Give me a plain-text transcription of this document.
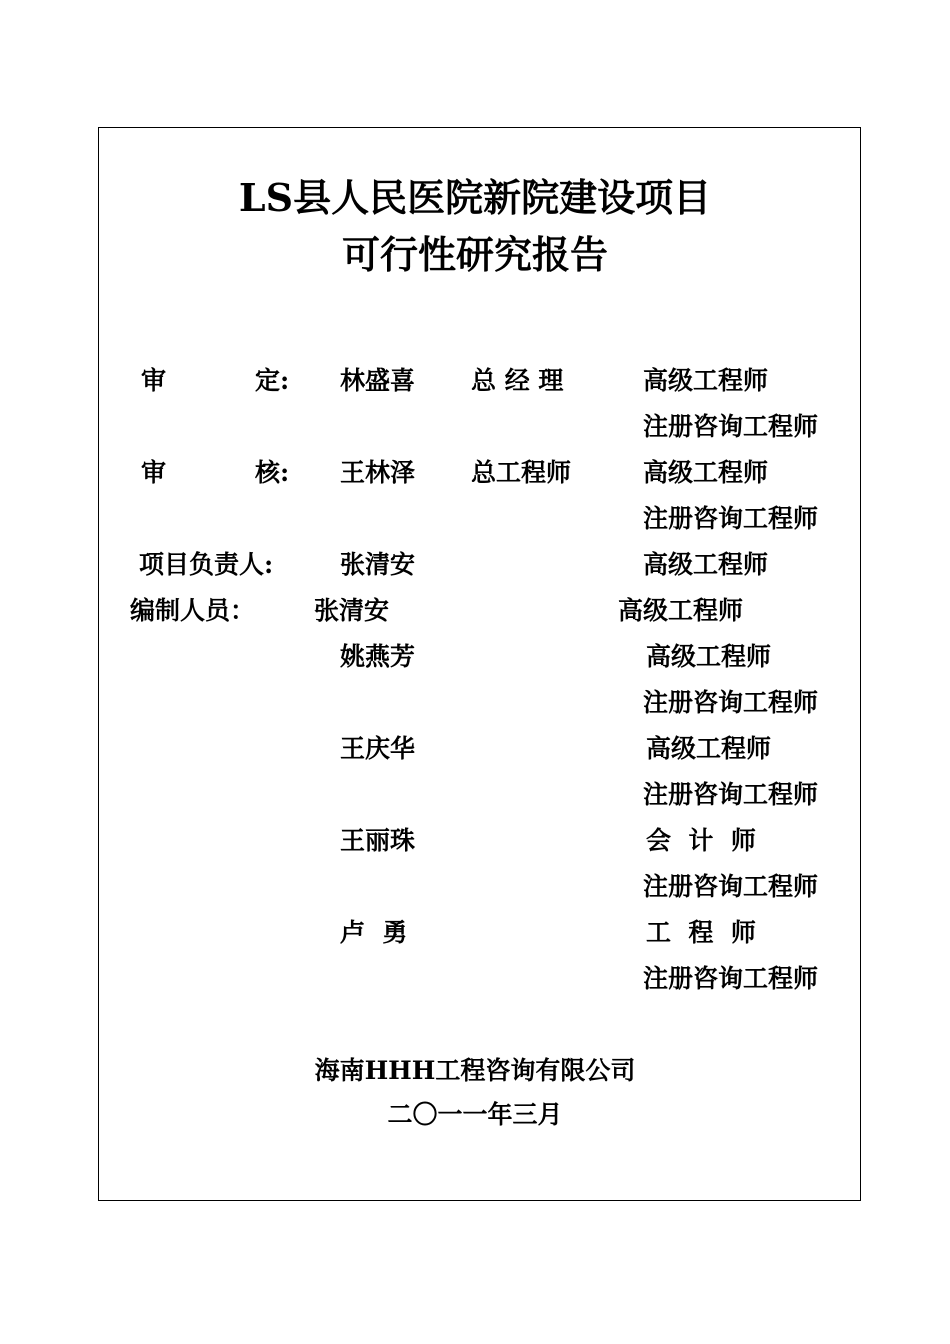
LS县人民医院新院建设项目
可行性研究报告
审	定: 林盛喜 总 经 理	高级工程师
注册咨询工程师
审	核: 王林泽 总工程师	高级工程师
注册咨询工程师
项目负责人:	张清安	高级工程师
编制人员： 张清安	高级工程师
姚燕芳	高级工程师
注册咨询工程师
王庆华	高级工程师
注册咨询工程师
王丽珠	会  计  师
注册咨询工程师
卢  勇	工  程  师
注册咨询工程师
海南HHH工程咨询有限公司
二〇一一年三月
